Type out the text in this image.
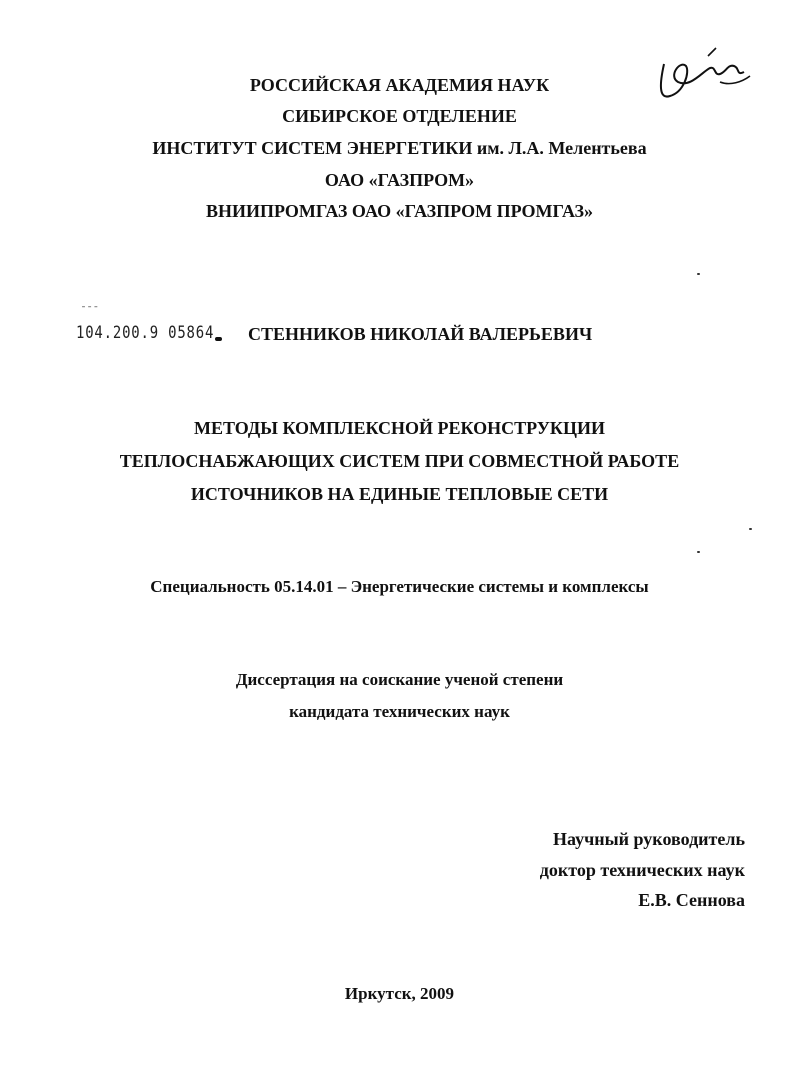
РОССИЙСКАЯ АКАДЕМИЯ НАУК
СИБИРСКОЕ ОТДЕЛЕНИЕ
ИНСТИТУТ СИСТЕМ ЭНЕРГЕТИКИ им. Л.А. Мелентьева
ОАО «ГАЗПРОМ»
ВНИИПРОМГАЗ ОАО «ГАЗПРОМ ПРОМГАЗ»
ˉ ˉ ˉ
104.200.9 05864 СТЕННИКОВ НИКОЛАЙ ВАЛЕРЬЕВИЧ
МЕТОДЫ КОМПЛЕКСНОЙ РЕКОНСТРУКЦИИ
ТЕПЛОСНАБЖАЮЩИХ СИСТЕМ ПРИ СОВМЕСТНОЙ РАБОТЕ
ИСТОЧНИКОВ НА ЕДИНЫЕ ТЕПЛОВЫЕ СЕТИ
Специальность 05.14.01 – Энергетические системы и комплексы
Диссертация на соискание ученой степени
кандидата технических наук
Научный руководитель
доктор технических наук
Е.В. Сеннова
Иркутск, 2009
